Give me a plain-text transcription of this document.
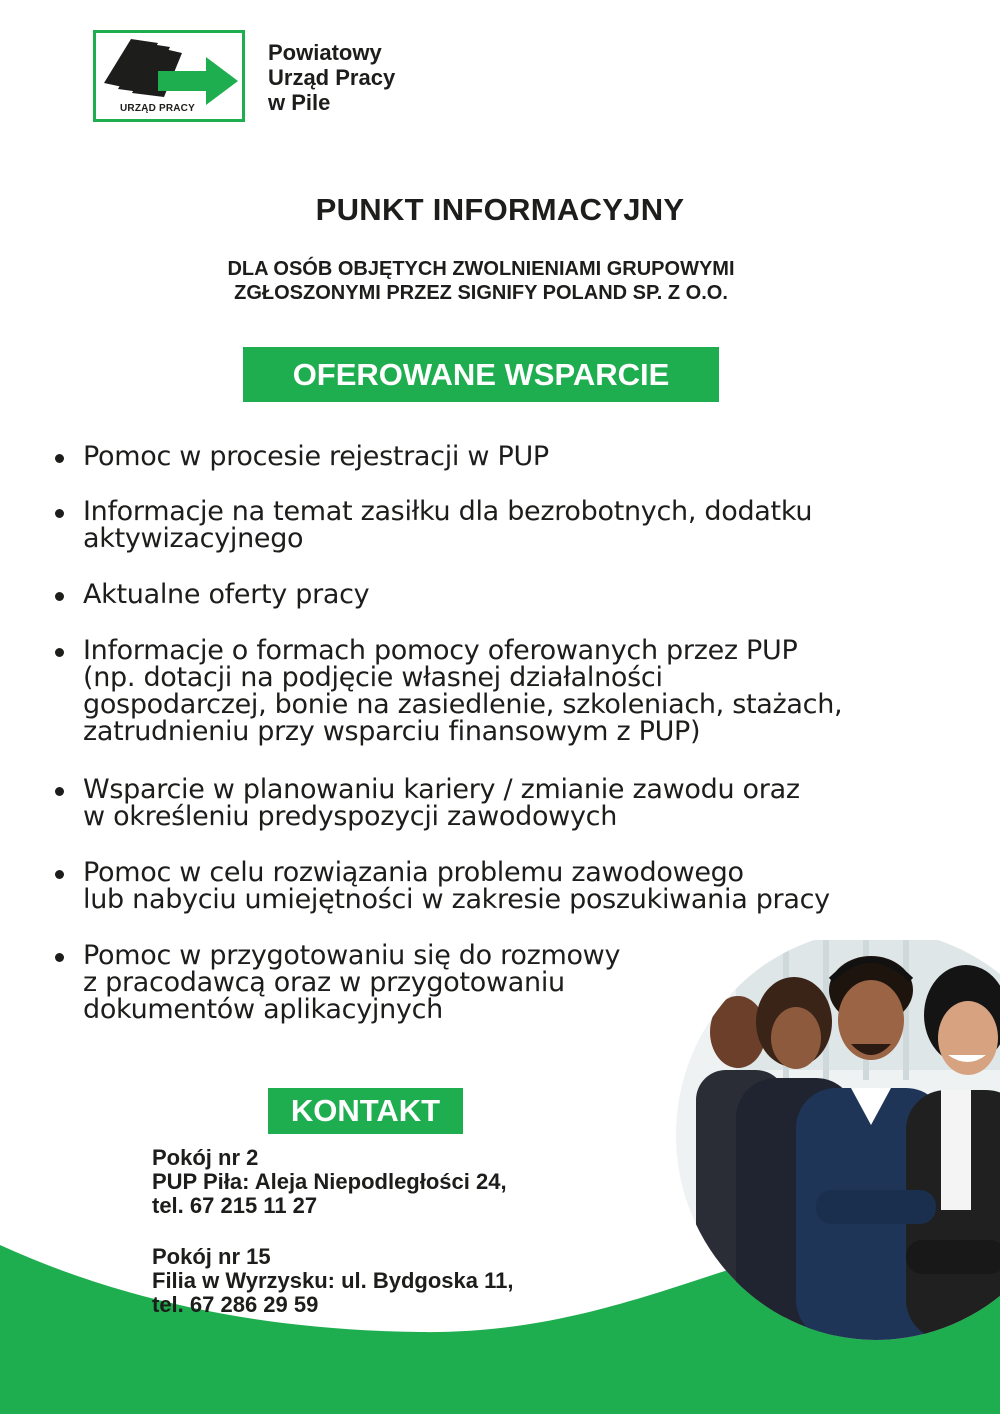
URZĄD PRACY
Powiatowy
Urząd Pracy
w Pile
PUNKT INFORMACYJNY
DLA OSÓB OBJĘTYCH ZWOLNIENIAMI GRUPOWYMI
ZGŁOSZONYMI PRZEZ SIGNIFY POLAND SP. Z O.O.
OFEROWANE WSPARCIE
Pomoc w procesie rejestracji w PUP
Informacje na temat zasiłku dla bezrobotnych, dodatku
aktywizacyjnego
Aktualne oferty pracy
Informacje o formach pomocy oferowanych przez PUP
(np. dotacji na podjęcie własnej działalności
gospodarczej, bonie na zasiedlenie, szkoleniach, stażach,
zatrudnieniu przy wsparciu finansowym z PUP)
Wsparcie w planowaniu kariery / zmianie zawodu oraz
w określeniu predyspozycji zawodowych
Pomoc w celu rozwiązania problemu zawodowego
lub nabyciu umiejętności w zakresie poszukiwania pracy
Pomoc w przygotowaniu się do rozmowy
z pracodawcą oraz w przygotowaniu
dokumentów aplikacyjnych
KONTAKT
Pokój nr 2
PUP Piła: Aleja Niepodległości 24,
tel. 67 215 11 27
Pokój nr 15
Filia w Wyrzysku: ul. Bydgoska 11,
tel. 67 286 29 59
